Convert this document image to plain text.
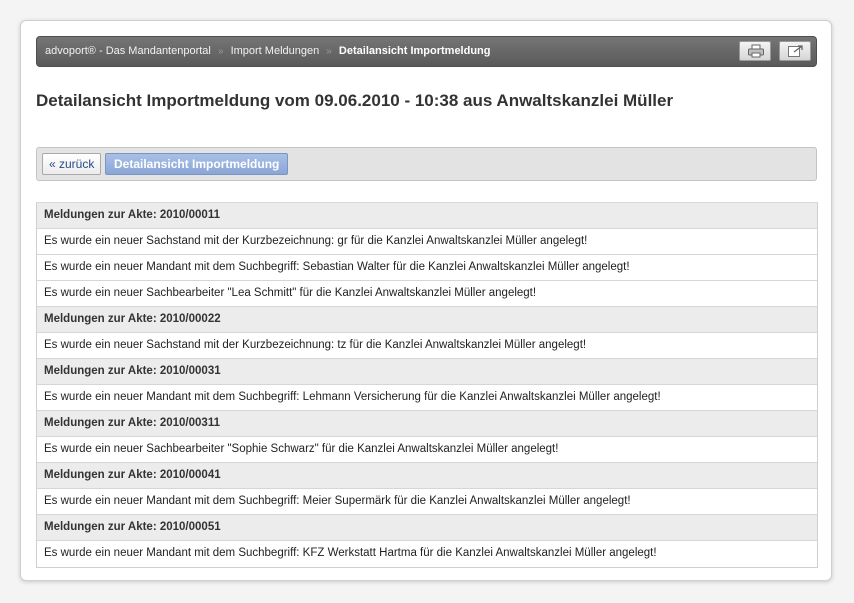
advoport® - Das Mandantenportal » Import Meldungen » Detailansicht Importmeldung
Detailansicht Importmeldung vom 09.06.2010 - 10:38 aus Anwaltskanzlei Müller
« zurück	Detailansicht Importmeldung
Meldungen zur Akte: 2010/00011
Es wurde ein neuer Sachstand mit der Kurzbezeichnung: gr für die Kanzlei Anwaltskanzlei Müller angelegt!
Es wurde ein neuer Mandant mit dem Suchbegriff: Sebastian Walter für die Kanzlei Anwaltskanzlei Müller angelegt!
Es wurde ein neuer Sachbearbeiter "Lea Schmitt" für die Kanzlei Anwaltskanzlei Müller angelegt!
Meldungen zur Akte: 2010/00022
Es wurde ein neuer Sachstand mit der Kurzbezeichnung: tz für die Kanzlei Anwaltskanzlei Müller angelegt!
Meldungen zur Akte: 2010/00031
Es wurde ein neuer Mandant mit dem Suchbegriff: Lehmann Versicherung für die Kanzlei Anwaltskanzlei Müller angelegt!
Meldungen zur Akte: 2010/00311
Es wurde ein neuer Sachbearbeiter "Sophie Schwarz" für die Kanzlei Anwaltskanzlei Müller angelegt!
Meldungen zur Akte: 2010/00041
Es wurde ein neuer Mandant mit dem Suchbegriff: Meier Supermärk für die Kanzlei Anwaltskanzlei Müller angelegt!
Meldungen zur Akte: 2010/00051
Es wurde ein neuer Mandant mit dem Suchbegriff: KFZ Werkstatt Hartma für die Kanzlei Anwaltskanzlei Müller angelegt!
